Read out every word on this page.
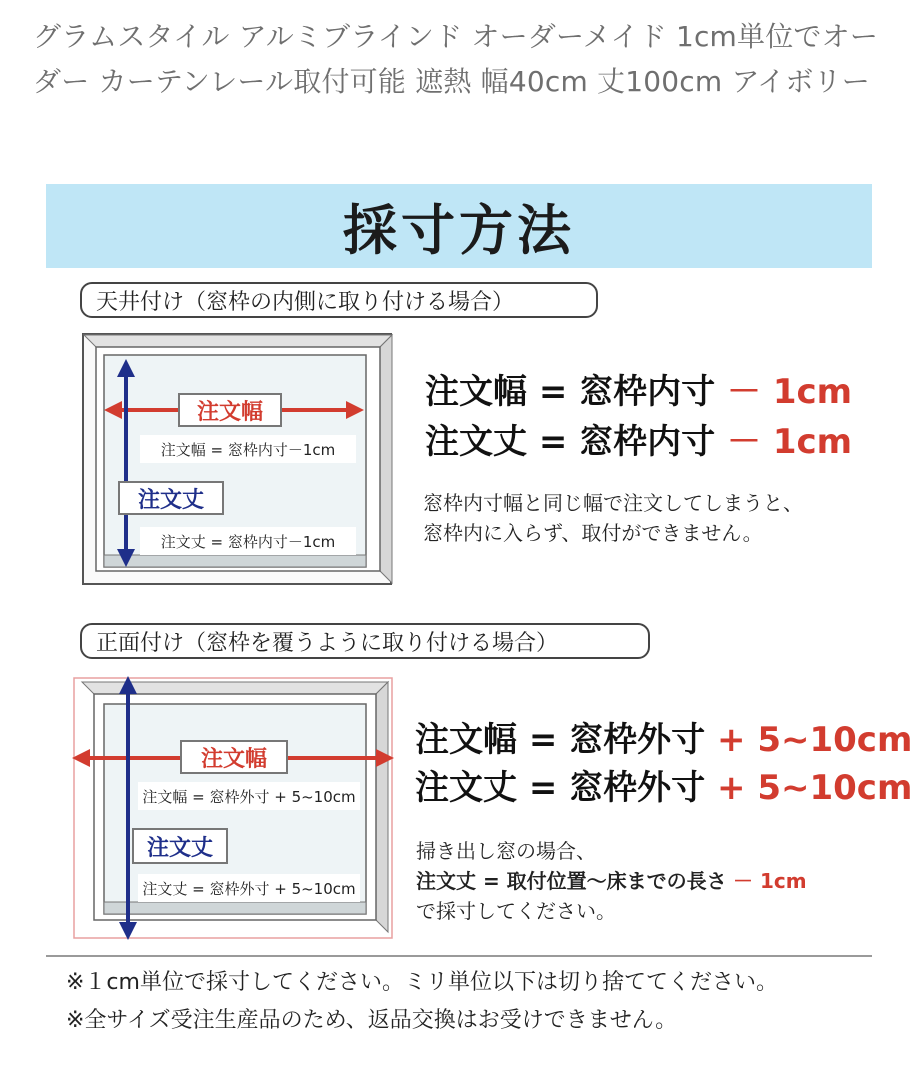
グラムスタイル アルミブラインド オーダーメイド 1cm単位でオーダー カーテンレール取付可能 遮熱 幅40cm 丈100cm アイボリー
採寸方法
天井付け（窓枠の内側に取り付ける場合）
注文幅
注文幅 = 窓枠内寸－1cm
注文丈
注文丈 = 窓枠内寸－1cm
注文幅 = 窓枠内寸 － 1cm
注文丈 = 窓枠内寸 － 1cm
窓枠内寸幅と同じ幅で注文してしまうと、
窓枠内に入らず、取付ができません。
正面付け（窓枠を覆うように取り付ける場合）
注文幅
注文幅 = 窓枠外寸 + 5~10cm
注文丈
注文丈 = 窓枠外寸 + 5~10cm
注文幅 = 窓枠外寸 + 5~10cm
注文丈 = 窓枠外寸 + 5~10cm
掃き出し窓の場合、
注文丈 = 取付位置～床までの長さ － 1cm
で採寸してください。
※１cm単位で採寸してください。ミリ単位以下は切り捨ててください。
※全サイズ受注生産品のため、返品交換はお受けできません。
